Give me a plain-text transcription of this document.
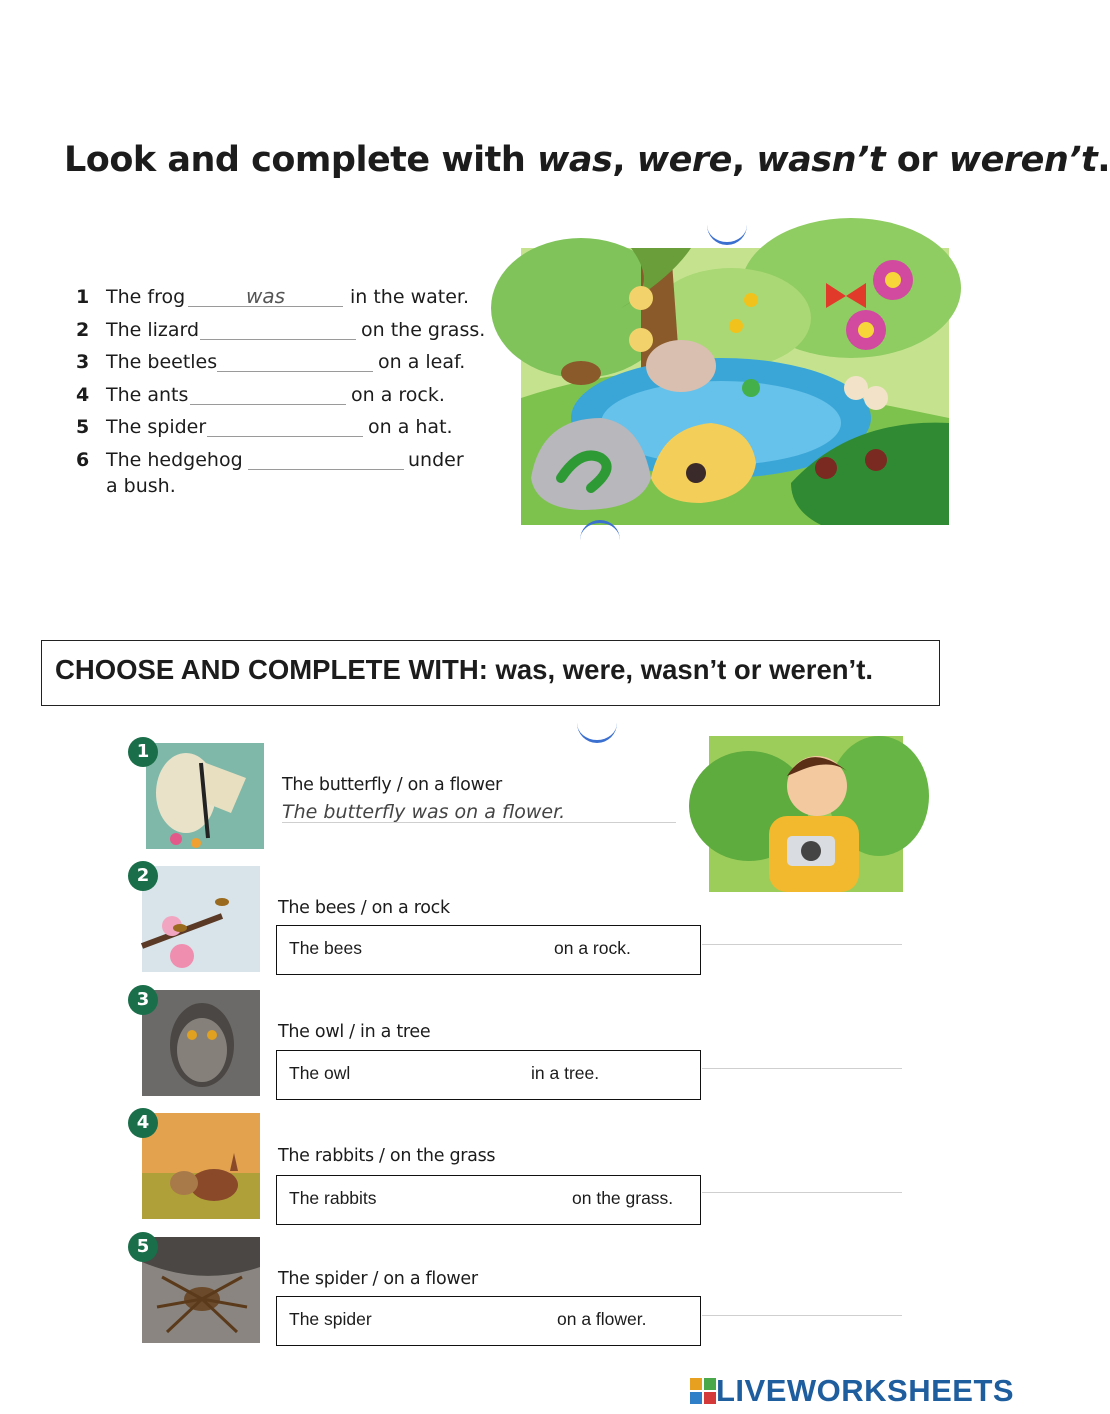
Look and complete with was, were, wasn’t or weren’t.
1 The frog	was	in the water.
2 The lizard	on the grass.
3 The beetles	on a leaf.
4 The ants	on a rock.
5 The spider	on a hat.
6 The hedgehog	under
a bush.
CHOOSE AND COMPLETE WITH: was, were, wasn’t or weren’t.
1
The butterfly / on a flower
The butterfly was on a flower.
2
The bees / on a rock
The bees	on a rock.
3
The owl / in a tree
The owl	in a tree.
4
The rabbits / on the grass
The rabbits	on the grass.
5
The spider / on a flower
The spider	on a flower.
LIVEWORKSHEETS
